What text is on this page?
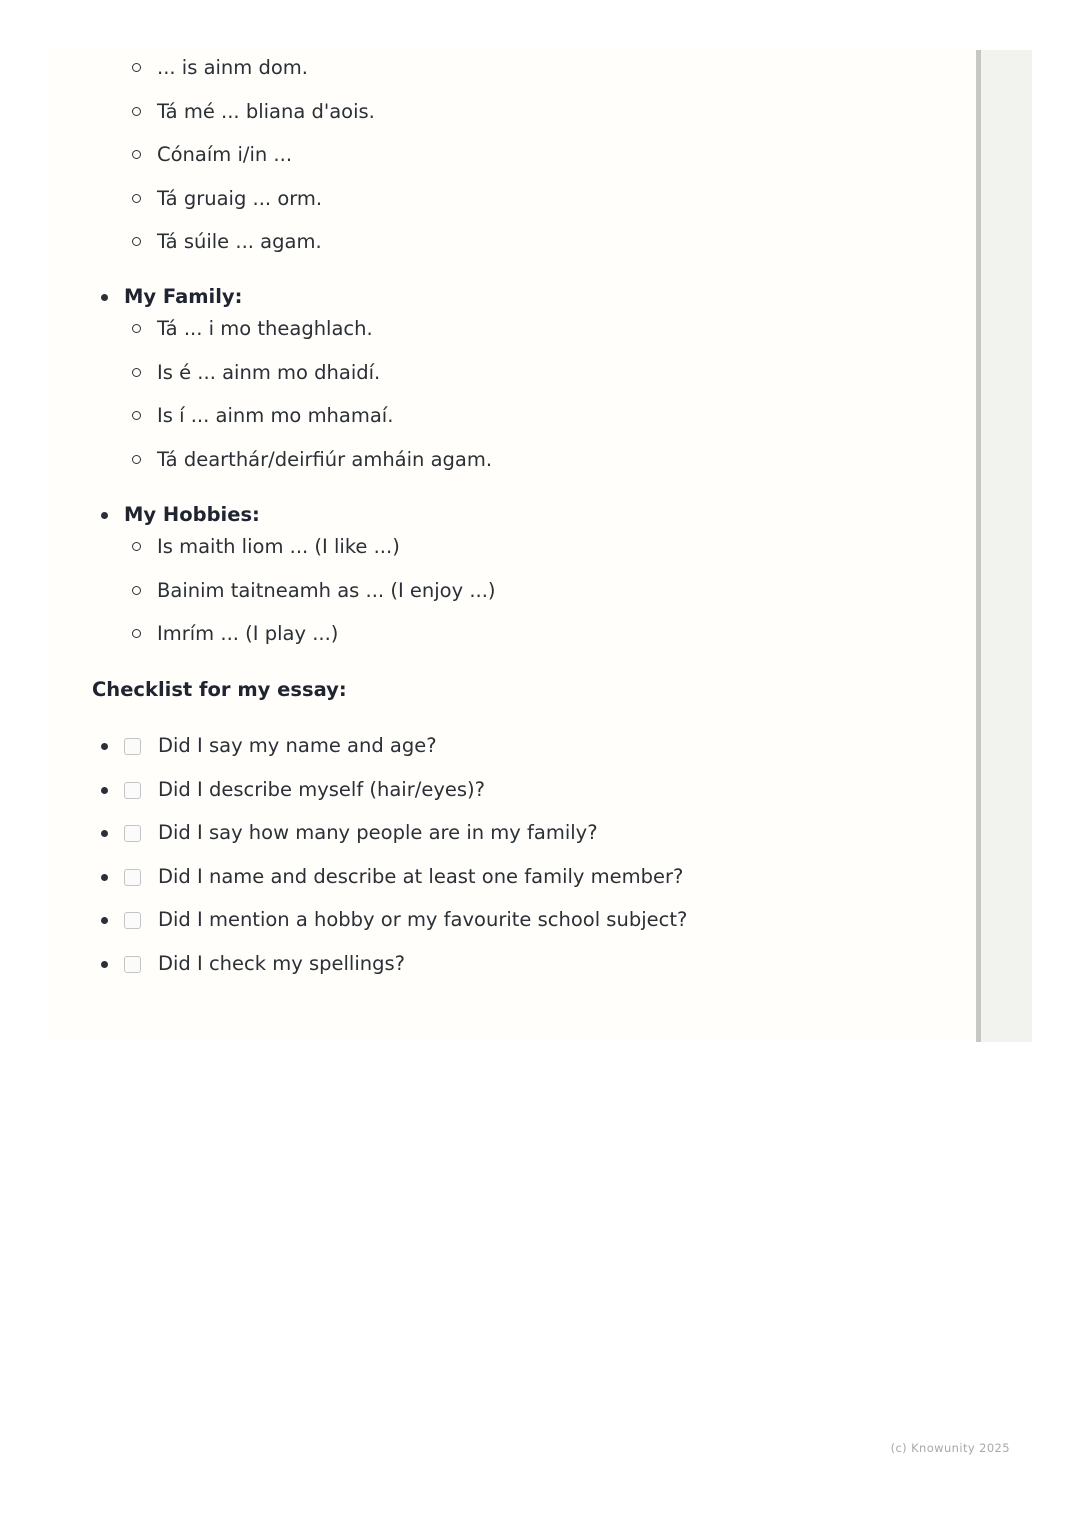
... is ainm dom.
Tá mé ... bliana d'aois.
Cónaím i/in ...
Tá gruaig ... orm.
Tá súile ... agam.
My Family:
Tá ... i mo theaghlach.
Is é ... ainm mo dhaidí.
Is í ... ainm mo mhamaí.
Tá dearthár/deirfiúr amháin agam.
My Hobbies:
Is maith liom ... (I like ...)
Bainim taitneamh as ... (I enjoy ...)
Imrím ... (I play ...)
Checklist for my essay:
Did I say my name and age?
Did I describe myself (hair/eyes)?
Did I say how many people are in my family?
Did I name and describe at least one family member?
Did I mention a hobby or my favourite school subject?
Did I check my spellings?
(c) Knowunity 2025
